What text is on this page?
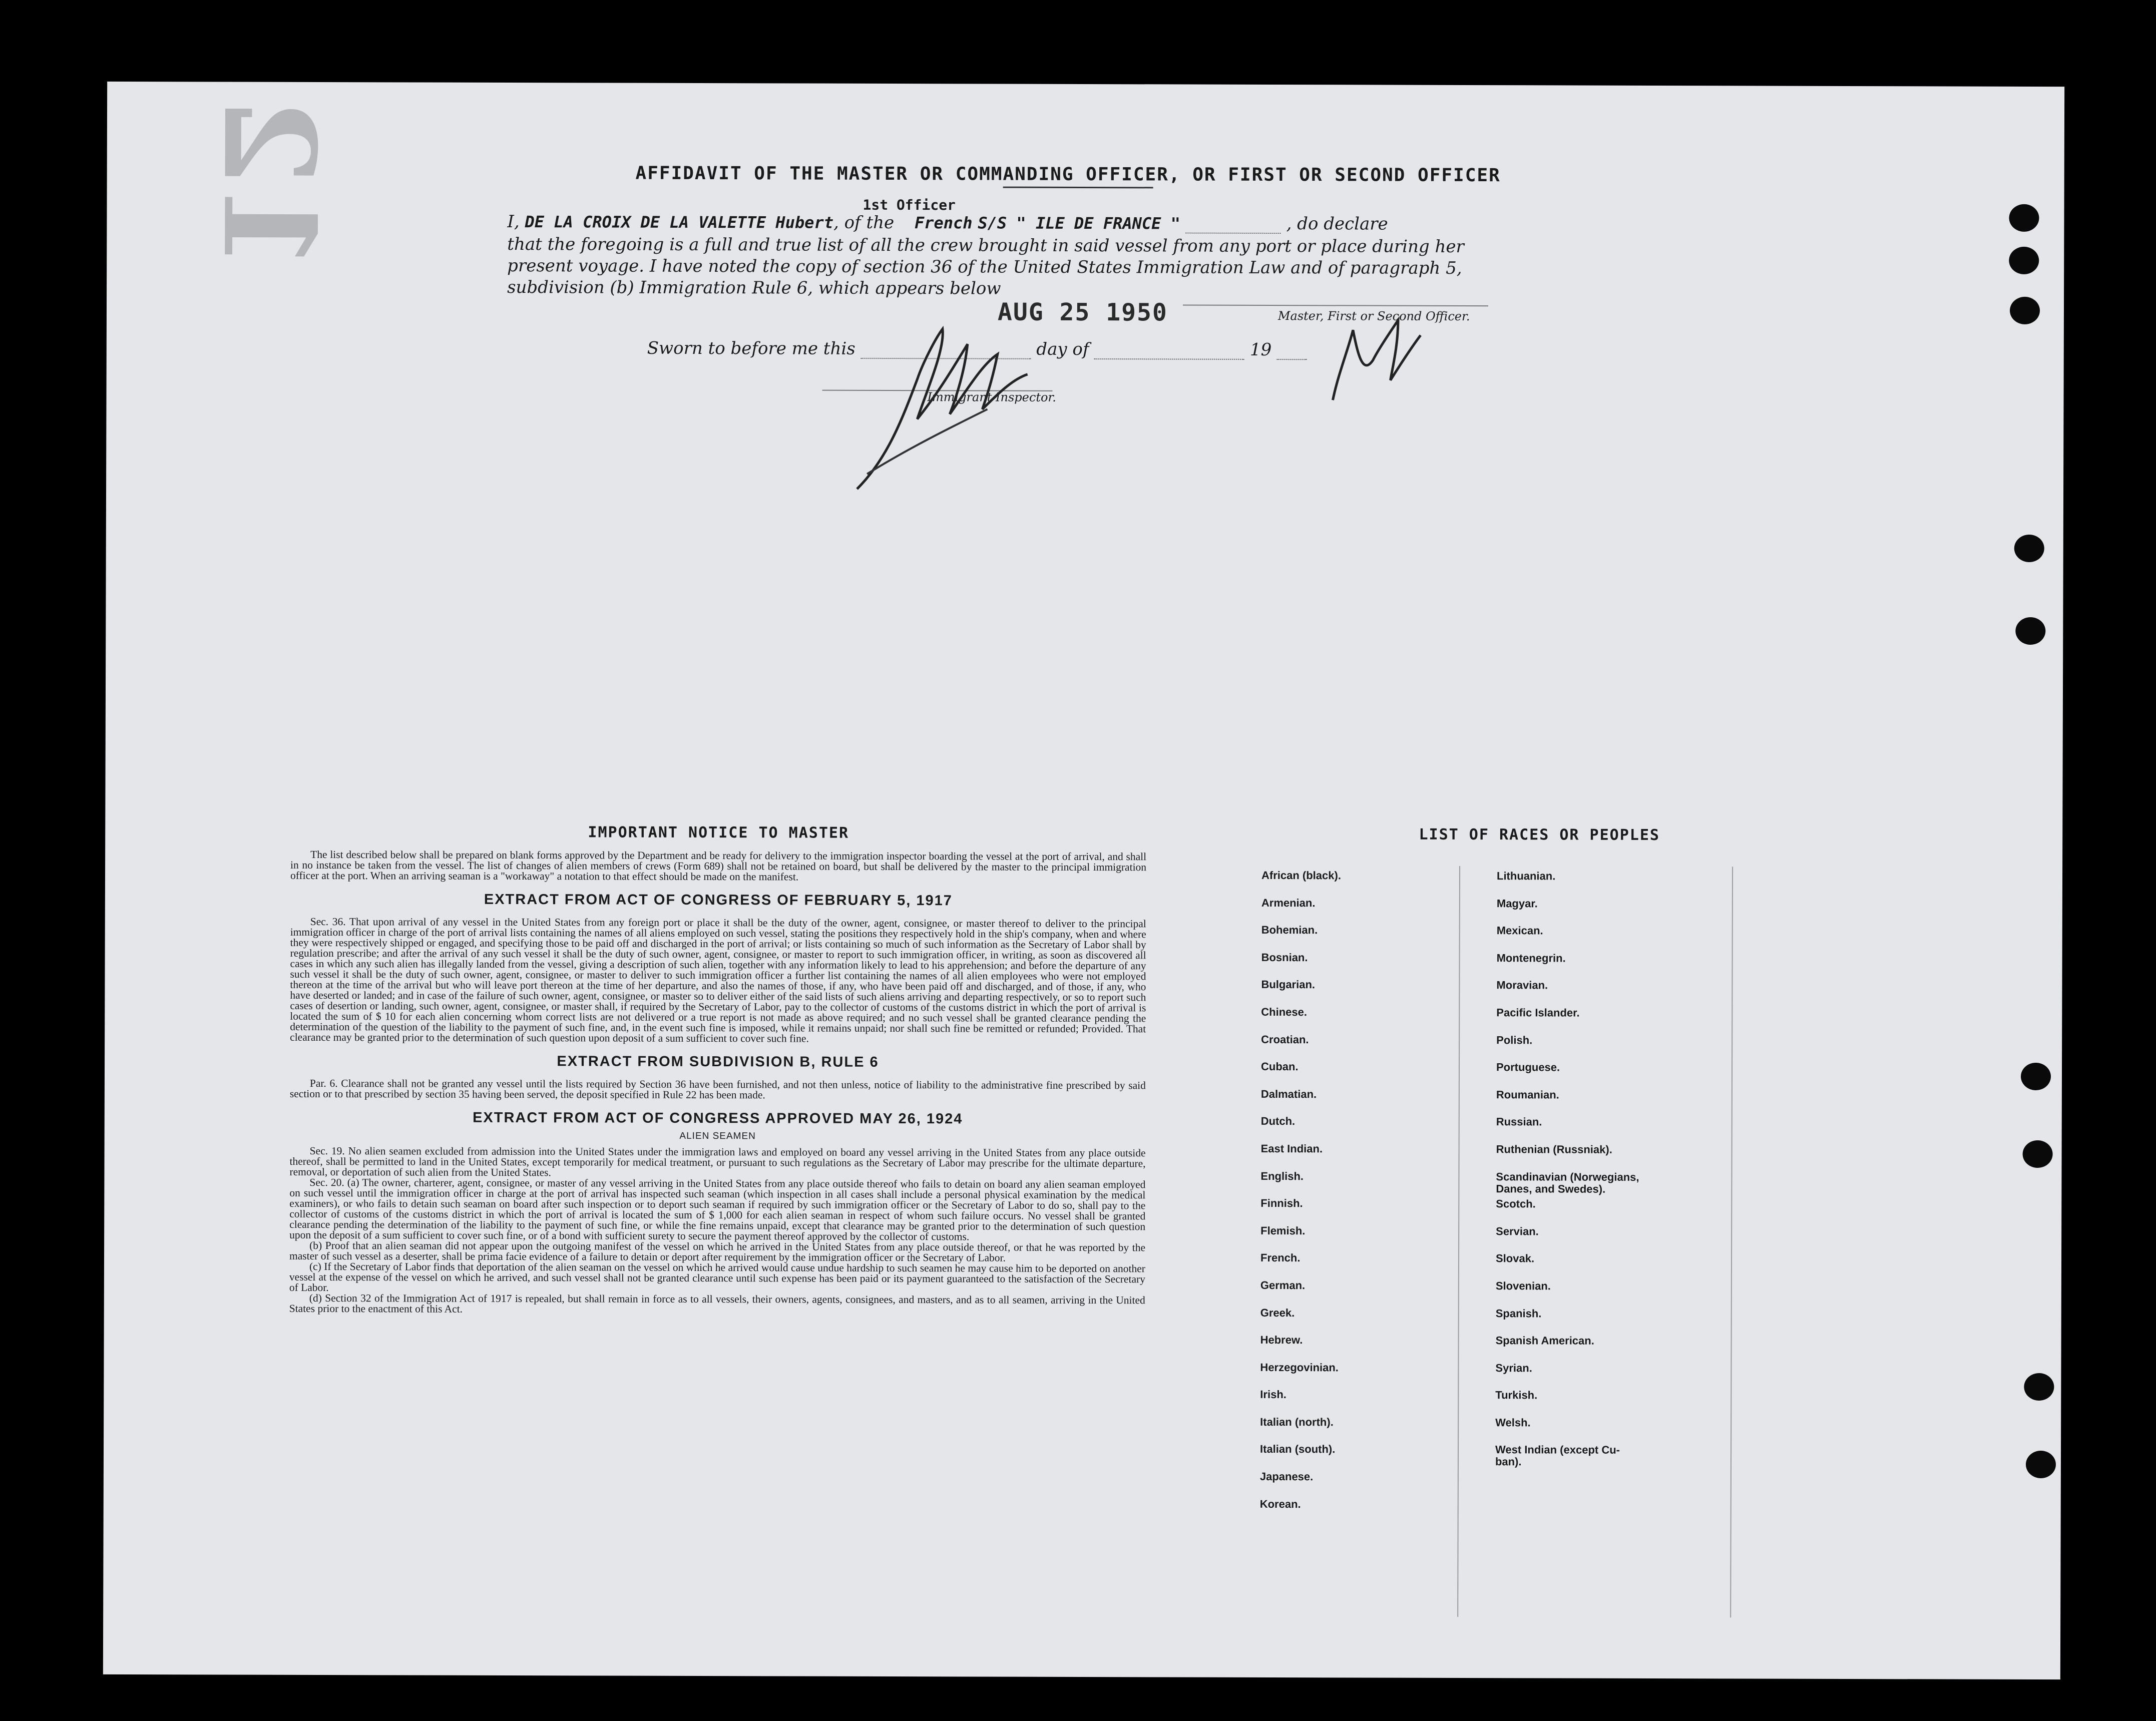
12	AFFIDAVIT OF THE MASTER OR COMMANDING OFFICER, OR FIRST OR SECOND OFFICER
1st Officer
I, DE LA CROIX DE LA VALETTE Hubert, of the French S/S " ILE DE FRANCE "	, do declare
that the foregoing is a full and true list of all the crew brought in said vessel from any port or place during her
present voyage. I have noted the copy of section 36 of the United States Immigration Law and of paragraph 5,
subdivision (b) Immigration Rule 6, which appears below
Master, First or Second Officer.
AUG 25 1950
Sworn to before me this	day of	19
Immigrant Inspector.
IMPORTANT NOTICE TO MASTER

The list described below shall be prepared on blank forms approved by the Department and be ready for delivery to the immigration inspector boarding the vessel at the port of arrival, and shall in no instance be taken from the vessel. The list of changes of alien members of crews (Form 689) shall not be retained on board, but shall be delivered by the master to the principal immigration officer at the port. When an arriving seaman is a "workaway" a notation to that effect should be made on the manifest.

EXTRACT FROM ACT OF CONGRESS OF FEBRUARY 5, 1917

Sec. 36. That upon arrival of any vessel in the United States from any foreign port or place it shall be the duty of the owner, agent, consignee, or master thereof to deliver to the principal immigration officer in charge of the port of arrival lists containing the names of all aliens employed on such vessel, stating the positions they respectively hold in the ship's company, when and where they were respectively shipped or engaged, and specifying those to be paid off and discharged in the port of arrival; or lists containing so much of such information as the Secretary of Labor shall by regulation prescribe; and after the arrival of any such vessel it shall be the duty of such owner, agent, consignee, or master to report to such immigration officer, in writing, as soon as discovered all cases in which any such alien has illegally landed from the vessel, giving a description of such alien, together with any information likely to lead to his apprehension; and before the departure of any such vessel it shall be the duty of such owner, agent, consignee, or master to deliver to such immigration officer a further list containing the names of all alien employees who were not employed thereon at the time of the arrival but who will leave port thereon at the time of her departure, and also the names of those, if any, who have been paid off and discharged, and of those, if any, who have deserted or landed; and in case of the failure of such owner, agent, consignee, or master so to deliver either of the said lists of such aliens arriving and departing respectively, or so to report such cases of desertion or landing, such owner, agent, consignee, or master shall, if required by the Secretary of Labor, pay to the collector of customs of the customs district in which the port of arrival is located the sum of $ 10 for each alien concerning whom correct lists are not delivered or a true report is not made as above required; and no such vessel shall be granted clearance pending the determination of the question of the liability to the payment of such fine, and, in the event such fine is imposed, while it remains unpaid; nor shall such fine be remitted or refunded; Provided. That clearance may be granted prior to the determination of such question upon deposit of a sum sufficient to cover such fine.

EXTRACT FROM SUBDIVISION B, RULE 6

Par. 6. Clearance shall not be granted any vessel until the lists required by Section 36 have been furnished, and not then unless, notice of liability to the administrative fine prescribed by said section or to that prescribed by section 35 having been served, the deposit specified in Rule 22 has been made.

EXTRACT FROM ACT OF CONGRESS APPROVED MAY 26, 1924
ALIEN SEAMEN

Sec. 19. No alien seamen excluded from admission into the United States under the immigration laws and employed on board any vessel arriving in the United States from any place outside thereof, shall be permitted to land in the United States, except temporarily for medical treatment, or pursuant to such regulations as the Secretary of Labor may prescribe for the ultimate departure, removal, or deportation of such alien from the United States.

Sec. 20. (a) The owner, charterer, agent, consignee, or master of any vessel arriving in the United States from any place outside thereof who fails to detain on board any alien seaman employed on such vessel until the immigration officer in charge at the port of arrival has inspected such seaman (which inspection in all cases shall include a personal physical examination by the medical examiners), or who fails to detain such seaman on board after such inspection or to deport such seaman if required by such immigration officer or the Secretary of Labor to do so, shall pay to the collector of customs of the customs district in which the port of arrival is located the sum of $ 1,000 for each alien seaman in respect of whom such failure occurs. No vessel shall be granted clearance pending the determination of the liability to the payment of such fine, or while the fine remains unpaid, except that clearance may be granted prior to the determination of such question upon the deposit of a sum sufficient to cover such fine, or of a bond with sufficient surety to secure the payment thereof approved by the collector of customs.

(b) Proof that an alien seaman did not appear upon the outgoing manifest of the vessel on which he arrived in the United States from any place outside thereof, or that he was reported by the master of such vessel as a deserter, shall be prima facie evidence of a failure to detain or deport after requirement by the immigration officer or the Secretary of Labor.

(c) If the Secretary of Labor finds that deportation of the alien seaman on the vessel on which he arrived would cause undue hardship to such seamen he may cause him to be deported on another vessel at the expense of the vessel on which he arrived, and such vessel shall not be granted clearance until such expense has been paid or its payment guaranteed to the satisfaction of the Secretary of Labor.

(d) Section 32 of the Immigration Act of 1917 is repealed, but shall remain in force as to all vessels, their owners, agents, consignees, and masters, and as to all seamen, arriving in the United States prior to the enactment of this Act.

LIST OF RACES OR PEOPLES
African (black).
Armenian.
Bohemian.
Bosnian.
Bulgarian.
Chinese.
Croatian.
Cuban.
Dalmatian.
Dutch.
East Indian.
English.
Finnish.
Flemish.
French.
German.
Greek.
Hebrew.
Herzegovinian.
Irish.
Italian (north).
Italian (south).
Japanese.
Korean.
Lithuanian.
Magyar.
Mexican.
Montenegrin.
Moravian.
Pacific Islander.
Polish.
Portuguese.
Roumanian.
Russian.
Ruthenian (Russniak).
Scandinavian (Norwegians,
Danes, and Swedes).
Scotch.
Servian.
Slovak.
Slovenian.
Spanish.
Spanish American.
Syrian.
Turkish.
Welsh.
West Indian (except Cu-
ban).
